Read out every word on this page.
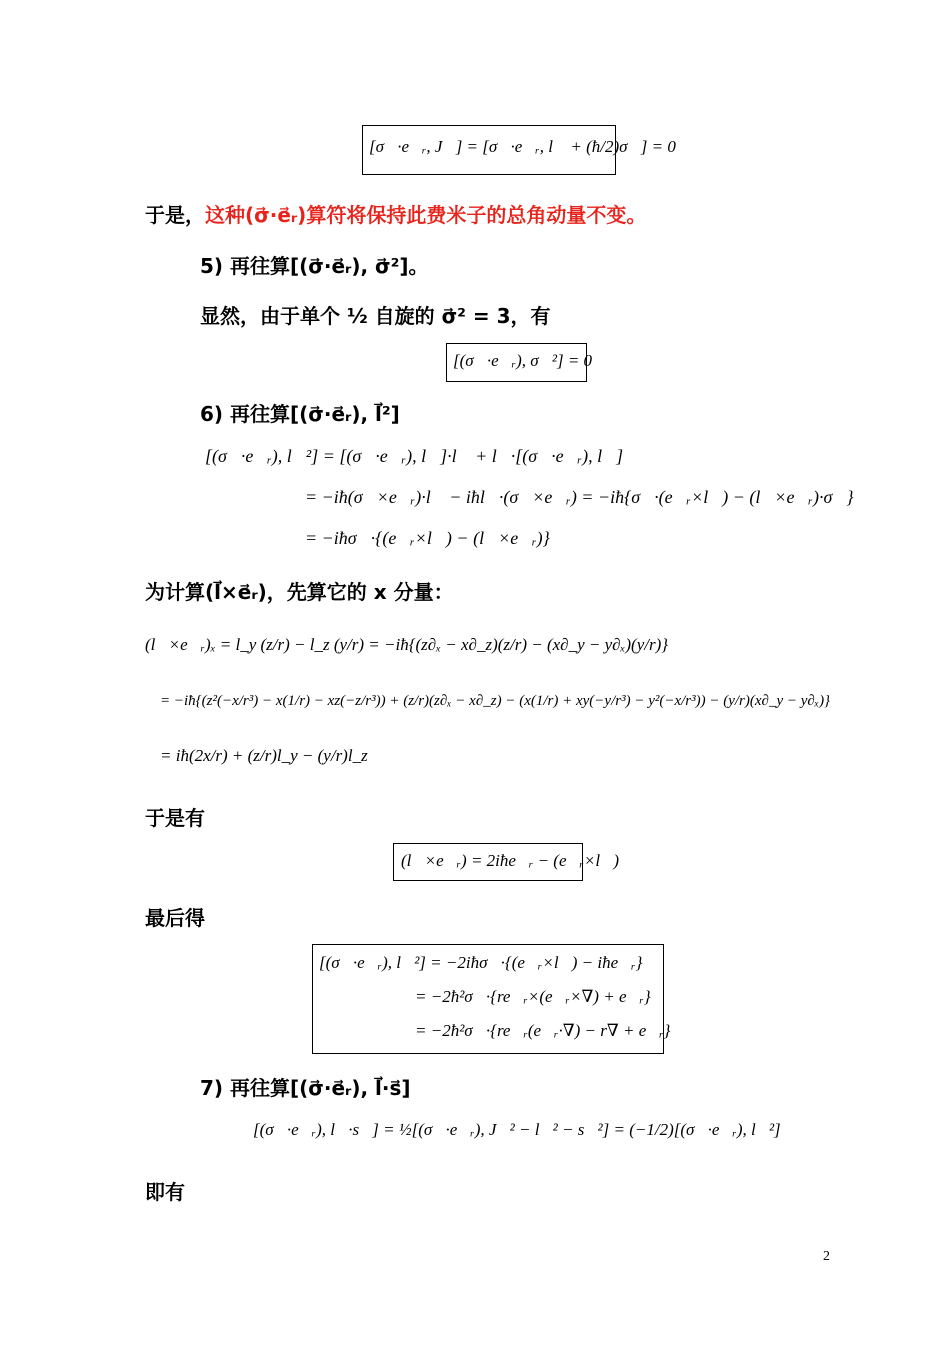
[σ⃗·e⃗ᵣ, J⃗] = [σ⃗·e⃗ᵣ, l⃗ + (ħ/2)σ⃗] = 0
于是，这种(σ⃗·e⃗ᵣ)算符将保持此费米子的总角动量不变。
5) 再往算[(σ⃗·e⃗ᵣ), σ⃗²]。
显然，由于单个 ½ 自旋的 σ⃗² = 3，有
[(σ⃗·e⃗ᵣ), σ⃗²] = 0
6) 再往算[(σ⃗·e⃗ᵣ), l⃗²]
[(σ⃗·e⃗ᵣ), l⃗²] = [(σ⃗·e⃗ᵣ), l⃗]·l⃗ + l⃗·[(σ⃗·e⃗ᵣ), l⃗]
= −iħ(σ⃗×e⃗ᵣ)·l⃗ − iħl⃗·(σ⃗×e⃗ᵣ) = −iħ{σ⃗·(e⃗ᵣ×l⃗) − (l⃗×e⃗ᵣ)·σ⃗}
= −iħσ⃗·{(e⃗ᵣ×l⃗) − (l⃗×e⃗ᵣ)}
为计算(l⃗×e⃗ᵣ)，先算它的 x 分量：
(l⃗×e⃗ᵣ)ₓ = l_y (z/r) − l_z (y/r) = −iħ{(z∂ₓ − x∂_z)(z/r) − (x∂_y − y∂ₓ)(y/r)}
= −iħ{(z²(−x/r³) − x(1/r) − xz(−z/r³)) + (z/r)(z∂ₓ − x∂_z) − (x(1/r) + xy(−y/r³) − y²(−x/r³)) − (y/r)(x∂_y − y∂ₓ)}
= iħ(2x/r) + (z/r)l_y − (y/r)l_z
于是有
(l⃗×e⃗ᵣ) = 2iħe⃗ᵣ − (e⃗ᵣ×l⃗)
最后得
[(σ⃗·e⃗ᵣ), l⃗²] = −2iħσ⃗·{(e⃗ᵣ×l⃗) − iħe⃗ᵣ}
= −2ħ²σ⃗·{re⃗ᵣ×(e⃗ᵣ×∇) + e⃗ᵣ}
= −2ħ²σ⃗·{re⃗ᵣ(e⃗ᵣ·∇) − r∇ + e⃗ᵣ}
7) 再往算[(σ⃗·e⃗ᵣ), l⃗·s⃗]
[(σ⃗·e⃗ᵣ), l⃗·s⃗] = ½[(σ⃗·e⃗ᵣ), J⃗² − l⃗² − s⃗²] = (−1/2)[(σ⃗·e⃗ᵣ), l⃗²]
即有
2
